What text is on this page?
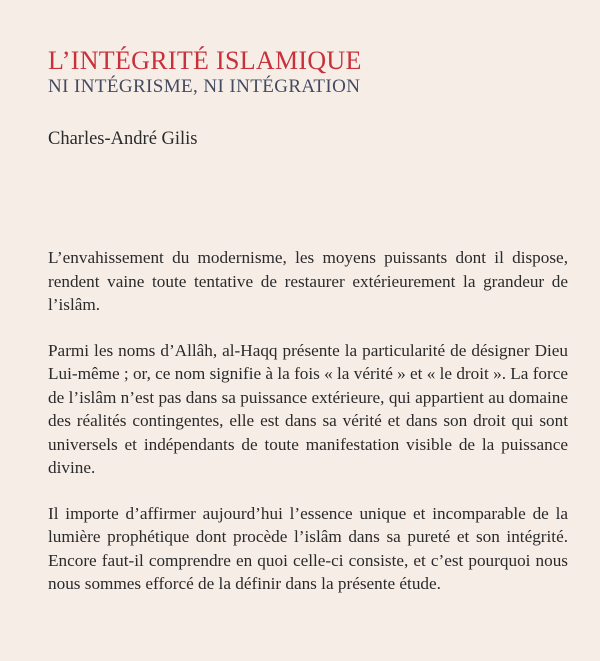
L’INTÉGRITÉ ISLAMIQUE
NI INTÉGRISME, NI INTÉGRATION
Charles-André Gilis

L’envahissement du modernisme, les moyens puissants dont il dispose, rendent vaine toute tentative de restaurer extérieurement la grandeur de l’islâm.

Parmi les noms d’Allâh, al-Haqq présente la particularité de désigner Dieu Lui-même ; or, ce nom signifie à la fois « la vérité » et « le droit ». La force de l’islâm n’est pas dans sa puissance extérieure, qui appartient au domaine des réalités contingentes, elle est dans sa vérité et dans son droit qui sont universels et indépendants de toute manifestation visible de la puissance divine.

Il importe d’affirmer aujourd’hui l’essence unique et incomparable de la lumière prophétique dont procède l’islâm dans sa pureté et son intégrité. Encore faut-il comprendre en quoi celle-ci consiste, et c’est pourquoi nous nous sommes efforcé de la définir dans la présente étude.
